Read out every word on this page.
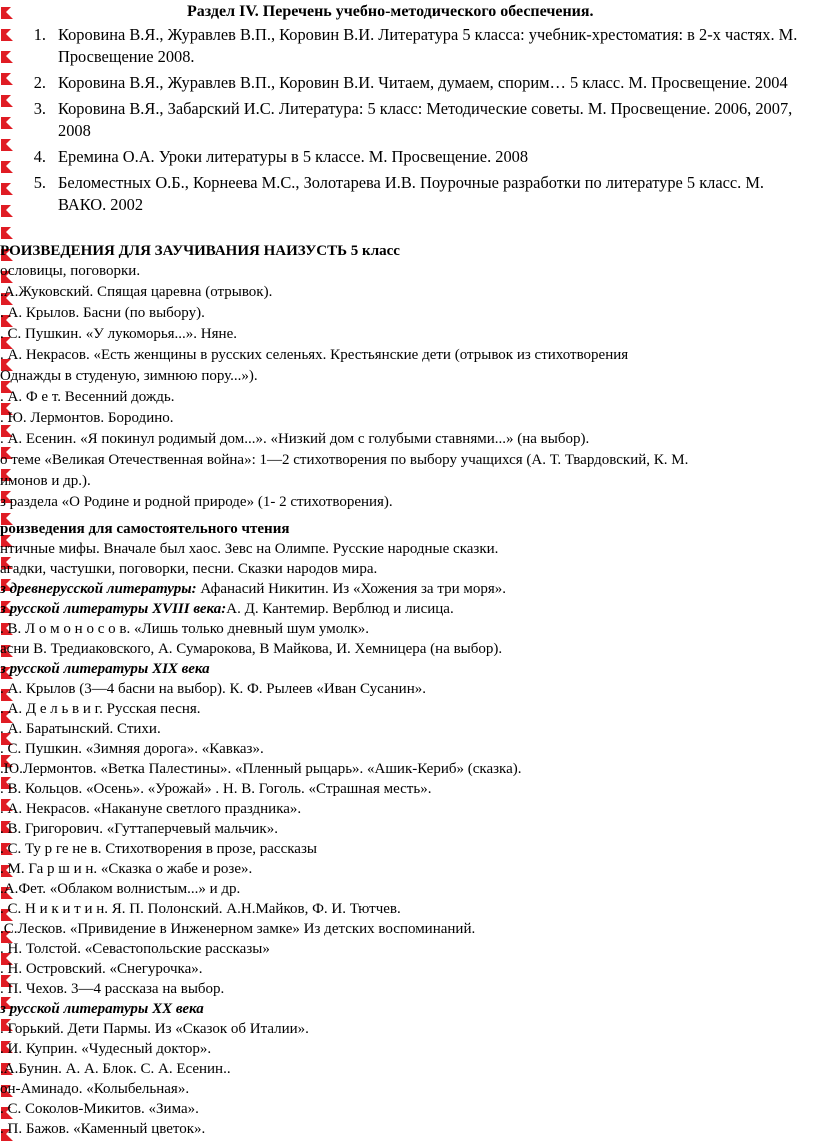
Раздел IV. Перечень учебно-методического обеспечения.
1. Коровина В.Я., Журавлев В.П., Коровин В.И. Литература 5 класса: учебник-хрестоматия: в 2-х частях. М. Просвещение 2008.
2. Коровина В.Я., Журавлев В.П., Коровин В.И. Читаем, думаем, спорим… 5 класс. М. Просвещение. 2004
3. Коровина В.Я., Забарский И.С. Литература: 5 класс: Методические советы. М. Просвещение. 2006, 2007, 2008
4. Еремина О.А. Уроки литературы в 5 классе. М. Просвещение. 2008
5. Беломестных О.Б., Корнеева М.С., Золотарева И.В. Поурочные разработки по литературе 5 класс. М. ВАКО. 2002
РОИЗВЕДЕНИЯ ДЛЯ ЗАУЧИВАНИЯ НАИЗУСТЬ 5 класс
ословицы, поговорки.
.А.Жуковский. Спящая царевна (отрывок).
. А. Крылов. Басни (по выбору).
. С. Пушкин. «У лукоморья...». Няне.
. А. Некрасов. «Есть женщины в русских селеньях. Крестьянские дети (отрывок из стихотворения
Однажды в студеную, зимнюю пору...»).
. А. Ф е т. Весенний дождь.
. Ю. Лермонтов. Бородино.
. А. Есенин. «Я покинул родимый дом...». «Низкий дом с голубыми ставнями...» (на выбор).
о теме «Великая Отечественная война»: 1—2 стихотворения по выбору учащихся (А. Т. Твардовский, К. М.
имонов и др.).
з раздела «О Родине и родной природе» (1- 2 стихотворения).
роизведения для самостоятельного чтения
нтичные мифы. Вначале был хаос. Зевс на Олимпе. Русские народные сказки.
агадки, частушки, поговорки, песни. Сказки народов мира.
з древнерусской литературы: Афанасий Никитин. Из «Хожения за три моря».
з русской литературы XVIII века:А. Д. Кантемир. Верблюд и лисица.
. В. Л о м о н о с о в. «Лишь только дневный шум умолк».
асни В. Тредиаковского, А. Сумарокова, В Майкова, И. Хемницера (на выбор).
з русской литературы XIX века
. А. Крылов (3—4 басни на выбор). К. Ф. Рылеев «Иван Сусанин».
. А. Д е л ь в и г. Русская песня.
. А. Баратынский. Стихи.
. С. Пушкин. «Зимняя дорога». «Кавказ».
.Ю.Лермонтов. «Ветка Палестины». «Пленный рыцарь». «Ашик-Кериб» (сказка).
. В. Кольцов. «Осень». «Урожай» . Н. В. Гоголь. «Страшная месть».
. А. Некрасов. «Накануне светлого праздника».
. В. Григорович. «Гуттаперчевый мальчик».
. С. Ту р ге не в. Стихотворения в прозе, рассказы
. М. Га р ш и н. «Сказка о жабе и розе».
.А.Фет. «Облаком волнистым...» и др.
. С. Н и к и т и н. Я. П. Полонский. А.Н.Майков, Ф. И. Тютчев.
.С.Лесков. «Привидение в Инженерном замке» Из детских воспоминаний.
. Н. Толстой. «Севастопольские рассказы»
. Н. Островский. «Снегурочка».
. П. Чехов. 3—4 рассказа на выбор.
з русской литературы XX века
. Горький. Дети Пармы. Из «Сказок об Италии».
. И. Куприн. «Чудесный доктор».
.А.Бунин. А. А. Блок. С. А. Есенин..
он-Аминадо. «Колыбельная».
. С. Соколов-Микитов. «Зима».
. П. Бажов. «Каменный цветок».
